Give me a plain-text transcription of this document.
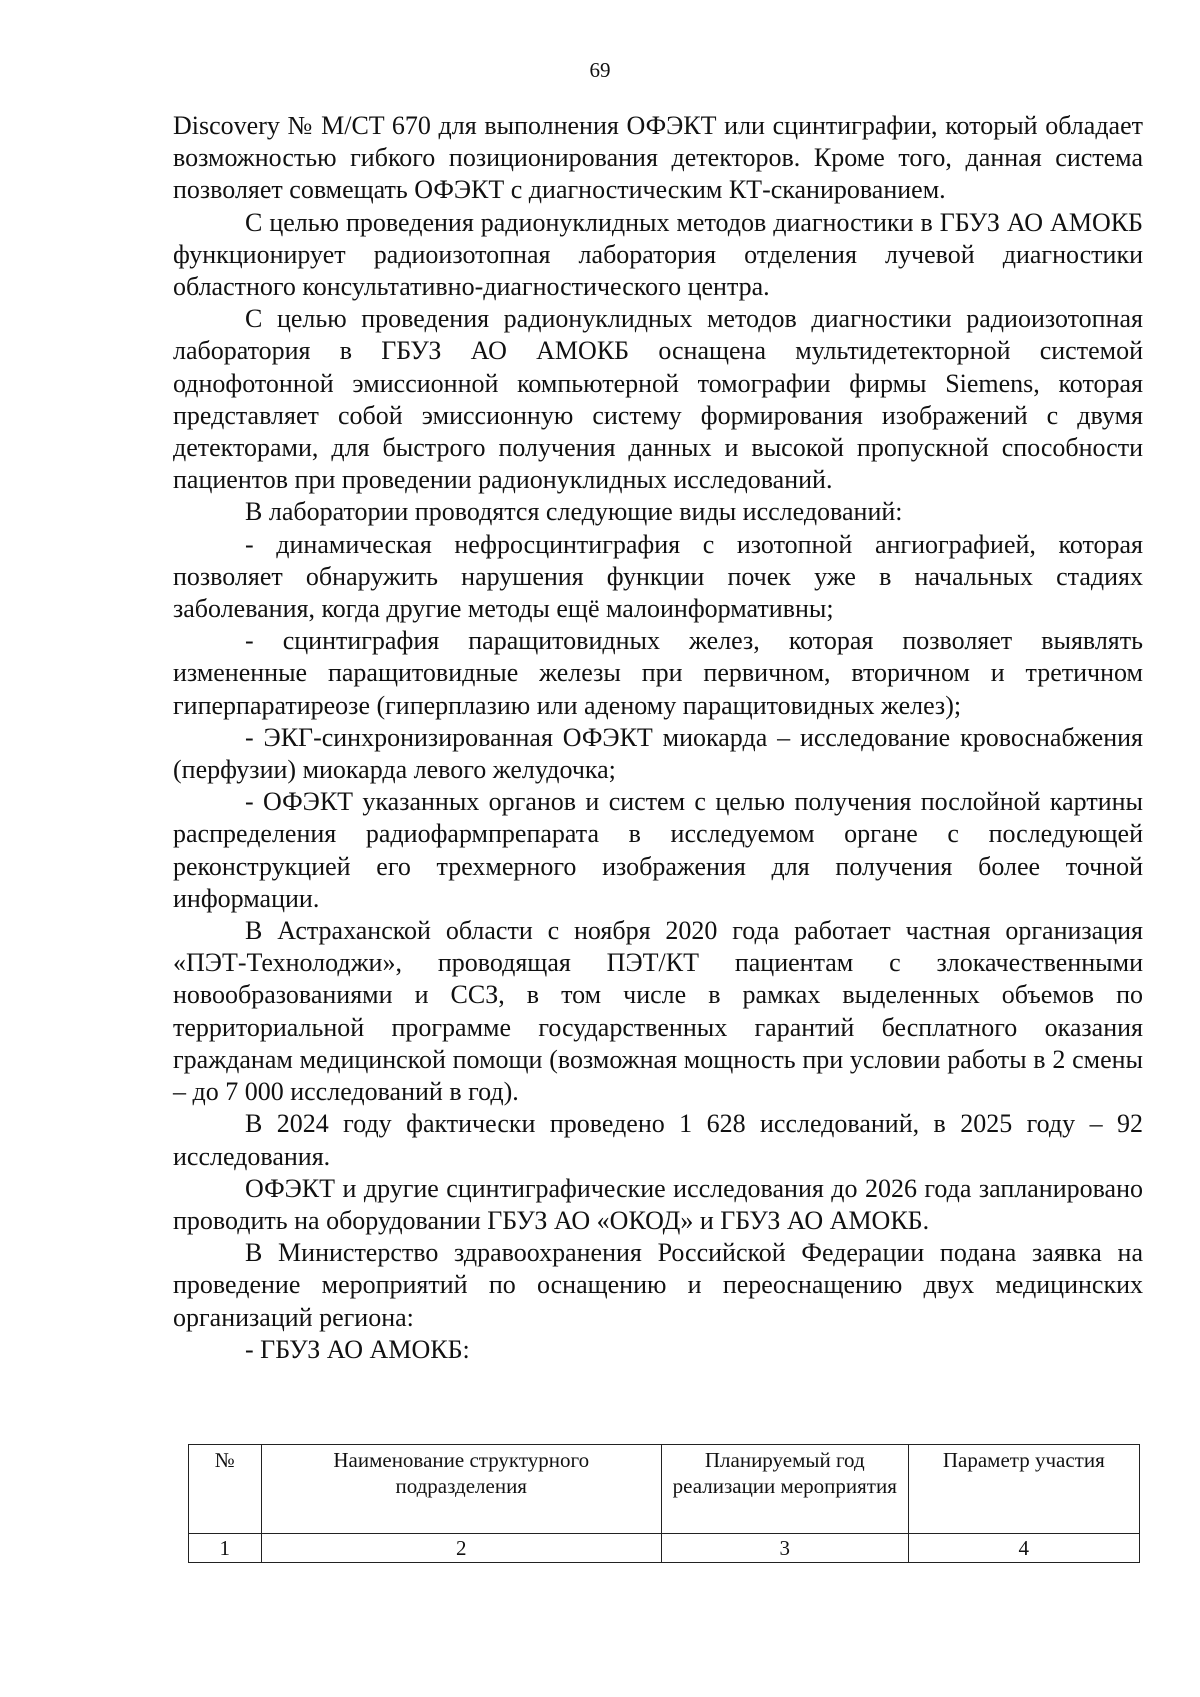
69

Discovery № M/CT 670 для выполнения ОФЭКТ или сцинтиграфии, который обладает возможностью гибкого позиционирования детекторов. Кроме того, данная система позволяет совмещать ОФЭКТ с диагностическим КТ-сканированием.

С целью проведения радионуклидных методов диагностики в ГБУЗ АО АМОКБ функционирует радиоизотопная лаборатория отделения лучевой диагностики областного консультативно-диагностического центра.

С целью проведения радионуклидных методов диагностики радиоизотопная лаборатория в ГБУЗ АО АМОКБ оснащена мультидетекторной системой однофотонной эмиссионной компьютерной томографии фирмы Siemens, которая представляет собой эмиссионную систему формирования изображений с двумя детекторами, для быстрого получения данных и высокой пропускной способности пациентов при проведении радионуклидных исследований.

В лаборатории проводятся следующие виды исследований:

- динамическая нефросцинтиграфия с изотопной ангиографией, которая позволяет обнаружить нарушения функции почек уже в начальных стадиях заболевания, когда другие методы ещё малоинформативны;

- сцинтиграфия паращитовидных желез, которая позволяет выявлять измененные паращитовидные железы при первичном, вторичном и третичном гиперпаратиреозе (гиперплазию или аденому паращитовидных желез);

- ЭКГ-синхронизированная ОФЭКТ миокарда – исследование кровоснабжения (перфузии) миокарда левого желудочка;

- ОФЭКТ указанных органов и систем с целью получения послойной картины распределения радиофармпрепарата в исследуемом органе с последующей реконструкцией его трехмерного изображения для получения более точной информации.

В Астраханской области с ноября 2020 года работает частная организация «ПЭТ-Технолоджи», проводящая ПЭТ/КТ пациентам с злокачественными новообразованиями и ССЗ, в том числе в рамках выделенных объемов по территориальной программе государственных гарантий бесплатного оказания гражданам медицинской помощи (возможная мощность при условии работы в 2 смены – до 7 000 исследований в год).

В 2024 году фактически проведено 1 628 исследований, в 2025 году – 92 исследования.

ОФЭКТ и другие сцинтиграфические исследования до 2026 года запланировано проводить на оборудовании ГБУЗ АО «ОКОД» и ГБУЗ АО АМОКБ.

В Министерство здравоохранения Российской Федерации подана заявка на проведение мероприятий по оснащению и переоснащению двух медицинских организаций региона:

- ГБУЗ АО АМОКБ:

№	Наименование структурного подразделения	Планируемый год реализации мероприятия	Параметр участия
1	2	3	4
